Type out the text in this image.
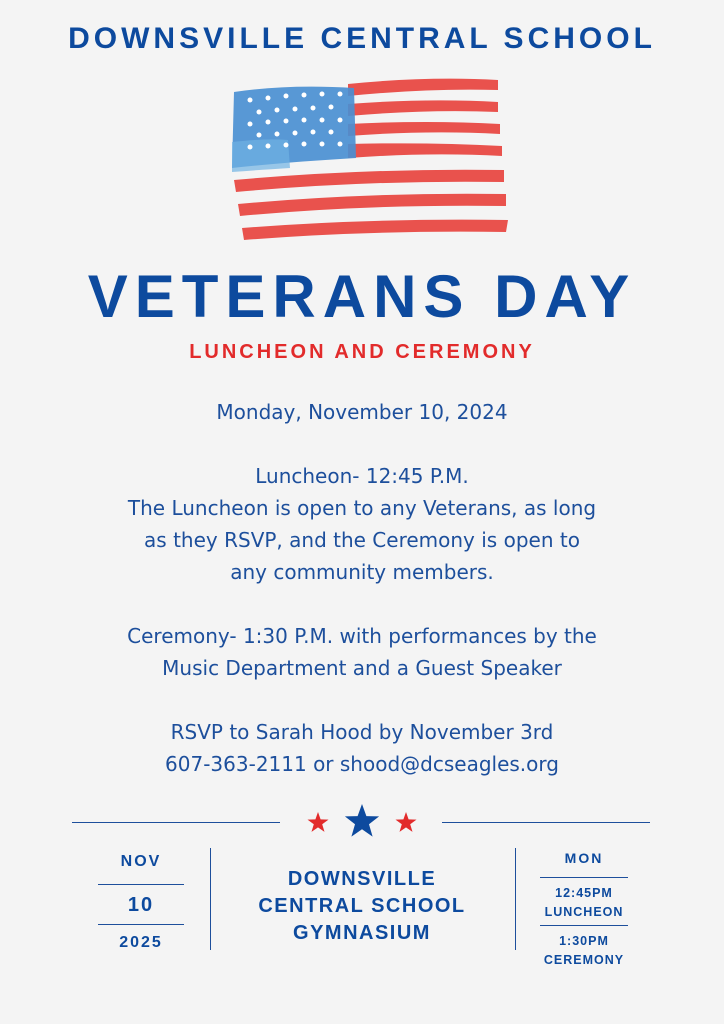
DOWNSVILLE CENTRAL SCHOOL
VETERANS DAY
LUNCHEON AND CEREMONY
Monday, November 10, 2024
Luncheon- 12:45 P.M.
The Luncheon is open to any Veterans, as long
as they RSVP, and the Ceremony is open to
any community members.
Ceremony- 1:30 P.M. with performances by the
Music Department and a Guest Speaker
RSVP to Sarah Hood by November 3rd
607-363-2111 or shood@dcseagles.org
NOV
10
2025
DOWNSVILLE
CENTRAL SCHOOL
GYMNASIUM
MON
12:45PM
LUNCHEON
1:30PM
CEREMONY
